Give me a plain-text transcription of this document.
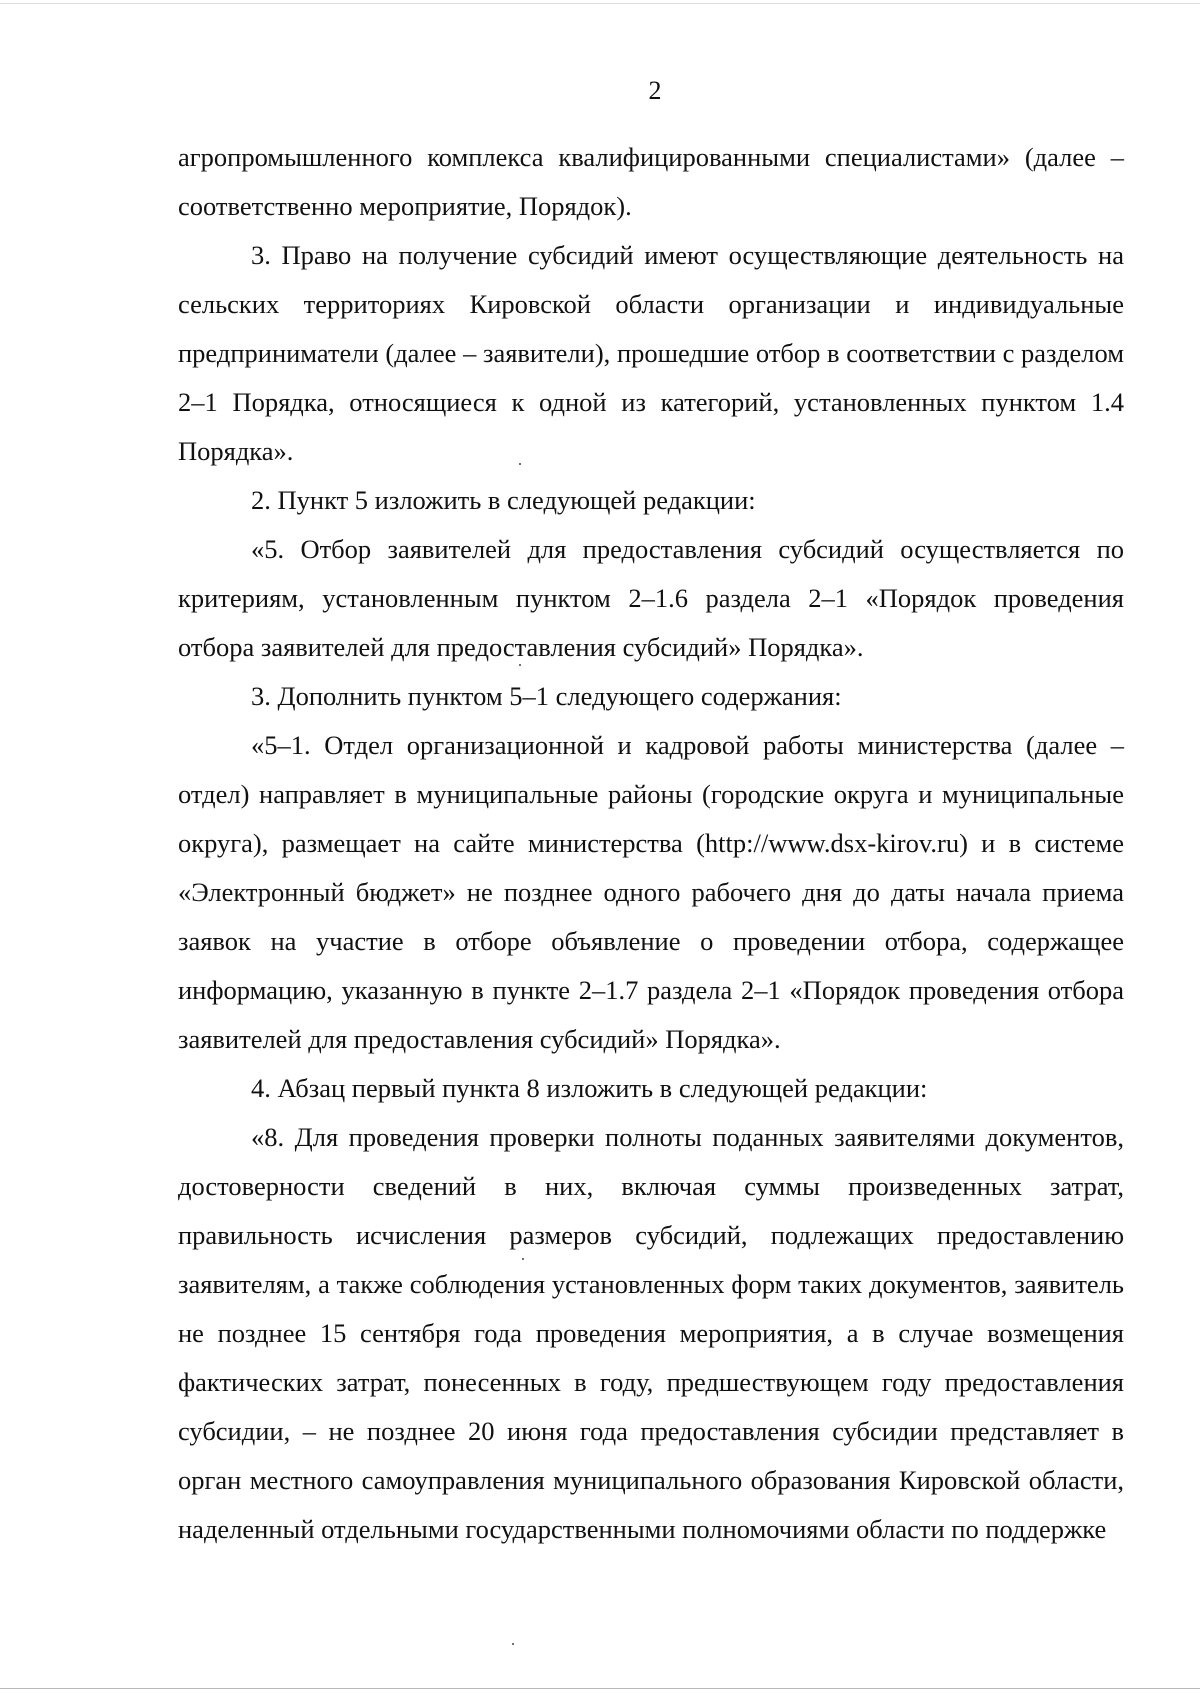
2

агропромышленного комплекса квалифицированными специалистами» (далее – соответственно мероприятие, Порядок).

3. Право на получение субсидий имеют осуществляющие деятельность на сельских территориях Кировской области организации и индивидуальные предприниматели (далее – заявители), прошедшие отбор в соответствии с разделом 2–1 Порядка, относящиеся к одной из категорий, установленных пунктом 1.4 Порядка».

2. Пункт 5 изложить в следующей редакции:

«5. Отбор заявителей для предоставления субсидий осуществляется по критериям, установленным пунктом 2–1.6 раздела 2–1 «Порядок проведения отбора заявителей для предоставления субсидий» Порядка».

3. Дополнить пунктом 5–1 следующего содержания:

«5–1. Отдел организационной и кадровой работы министерства (далее – отдел) направляет в муниципальные районы (городские округа и муниципальные округа), размещает на сайте министерства (http://www.dsx-kirov.ru) и в системе «Электронный бюджет» не позднее одного рабочего дня до даты начала приема заявок на участие в отборе объявление о проведении отбора, содержащее информацию, указанную в пункте 2–1.7 раздела 2–1 «Порядок проведения отбора заявителей для предоставления субсидий» Порядка».

4. Абзац первый пункта 8 изложить в следующей редакции:

«8. Для проведения проверки полноты поданных заявителями документов, достоверности сведений в них, включая суммы произведенных затрат, правильность исчисления размеров субсидий, подлежащих предоставлению заявителям, а также соблюдения установленных форм таких документов, заявитель не позднее 15 сентября года проведения мероприятия, а в случае возмещения фактических затрат, понесенных в году, предшествующем году предоставления субсидии, – не позднее 20 июня года предоставления субсидии представляет в орган местного самоуправления муниципального образования Кировской области, наделенный отдельными государственными полномочиями области по поддержке
